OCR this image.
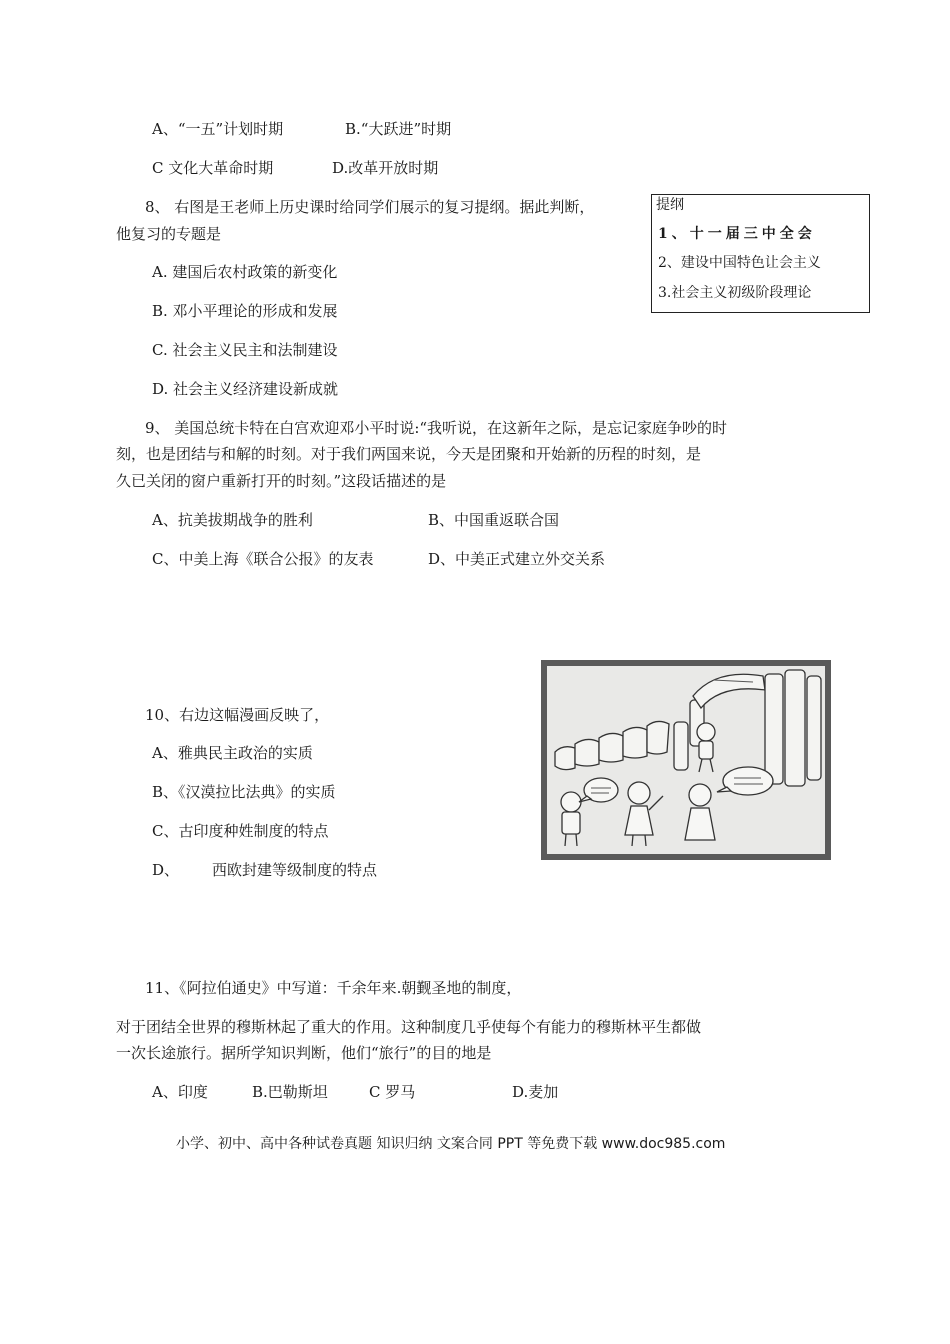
A、“一五”计划时期	B.“大跃进”时期
C 文化大革命时期	D.改革开放时期
8、 右图是王老师上历史课时给同学们展示的复习提纲。据此判断，
他复习的专题是
A. 建国后农村政策的新变化
B. 邓小平理论的形成和发展
C. 社会主义民主和法制建设
D. 社会主义经济建设新成就
提纲
1、十一届三中全会
2、建设中国特色让会主义
3.社会主义初级阶段理论
9、 美国总统卡特在白宫欢迎邓小平时说:“我听说，在这新年之际，是忘记家庭争吵的时
刻，也是团结与和解的时刻。对于我们两国来说，今天是团聚和开始新的历程的时刻，是
久已关闭的窗户重新打开的时刻。”这段话描述的是
A、抗美拔期战争的胜利	B、中国重返联合国
C、中美上海《联合公报》的友表	D、中美正式建立外交关系
10、右边这幅漫画反映了，
A、雅典民主政治的实质
B、《汉漠拉比法典》的实质
C、古印度种姓制度的特点
D、 西欧封建等级制度的特点
11、《阿拉伯通史》中写道：千余年来.朝觐圣地的制度，
对于团结全世界的穆斯林起了重大的作用。这种制度几乎使每个有能力的穆斯林平生都做
一次长途旅行。据所学知识判断，他们“旅行”的目的地是
A、印度	B.巴勒斯坦	C 罗马	D.麦加
小学、初中、高中各种试卷真题 知识归纳 文案合同 PPT 等免费下载 www.doc985.com
